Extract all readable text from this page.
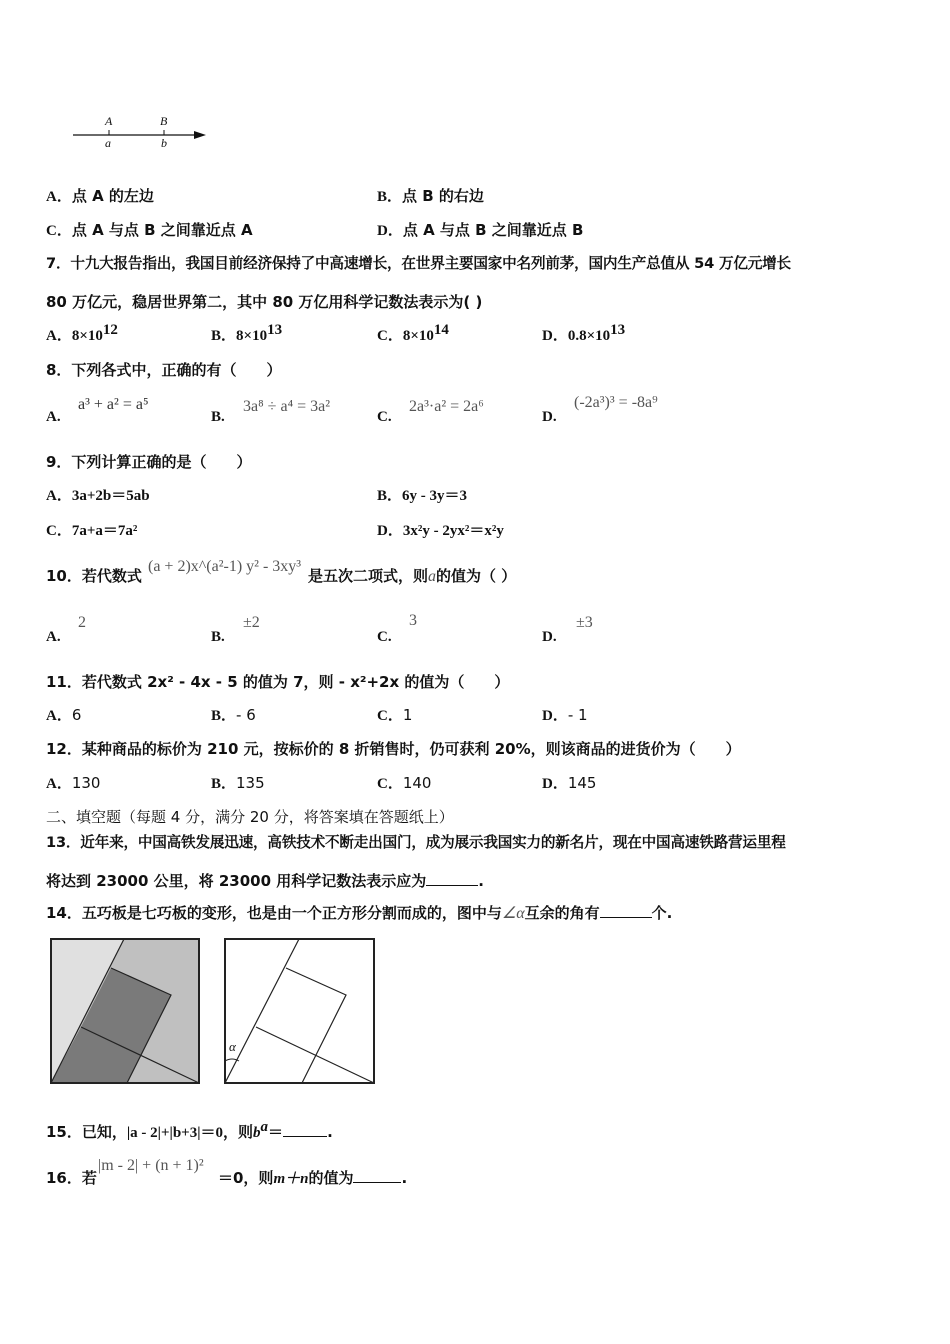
A
a
B
b
A．点 A 的左边	B．点 B 的右边
C．点 A 与点 B 之间靠近点 A	D．点 A 与点 B 之间靠近点 B
7．十九大报告指出，我国目前经济保持了中高速增长，在世界主要国家中名列前茅，国内生产总值从 54 万亿元增长
80 万亿元，稳居世界第二，其中 80 万亿用科学记数法表示为( )
A．$8\times 10^{12}$	B．$8\times 10^{13}$	C．$8\times 10^{14}$	D．$0.8\times 10^{13}$
8．下列各式中，正确的有（　　）
A.
a³ + a² = a⁵
B.
3a⁸ ÷ a⁴ = 3a²
C.
2a³·a² = 2a⁶
D.
(-2a³)³ = -8a⁹
9．下列计算正确的是（　　）
A．3a+2b＝5ab	B．6y - 3y＝3
C．7a+a＝7a²	D．3x²y - 2yx²＝x²y
10．若代数式
(a + 2)x^(a²-1) y² - 3xy³
是五次二项式，则a的值为（ ）
A.
2
B.
±2
C.
3
D.
±3
11．若代数式 2x² - 4x - 5 的值为 7，则 - x²+2x 的值为（　　）
A．6	B．- 6	C．1	D．- 1
12．某种商品的标价为 210 元，按标价的 8 折销售时，仍可获利 20%，则该商品的进货价为（　　）
A．130	B．135	C．140	D．145
二、填空题（每题 4 分，满分 20 分，将答案填在答题纸上）
13．近年来，中国高铁发展迅速，高铁技术不断走出国门，成为展示我国实力的新名片，现在中国高速铁路营运里程
将达到 23000 公里，将 23000 用科学记数法表示应为	.
14．五巧板是七巧板的变形，也是由一个正方形分割而成的，图中与∠α互余的角有	个.
α
15．已知，|a - 2|+|b+3|＝0，则$b^a=$	.
16．若
|m - 2| + (n + 1)²
＝0，则m＋n的值为	.
